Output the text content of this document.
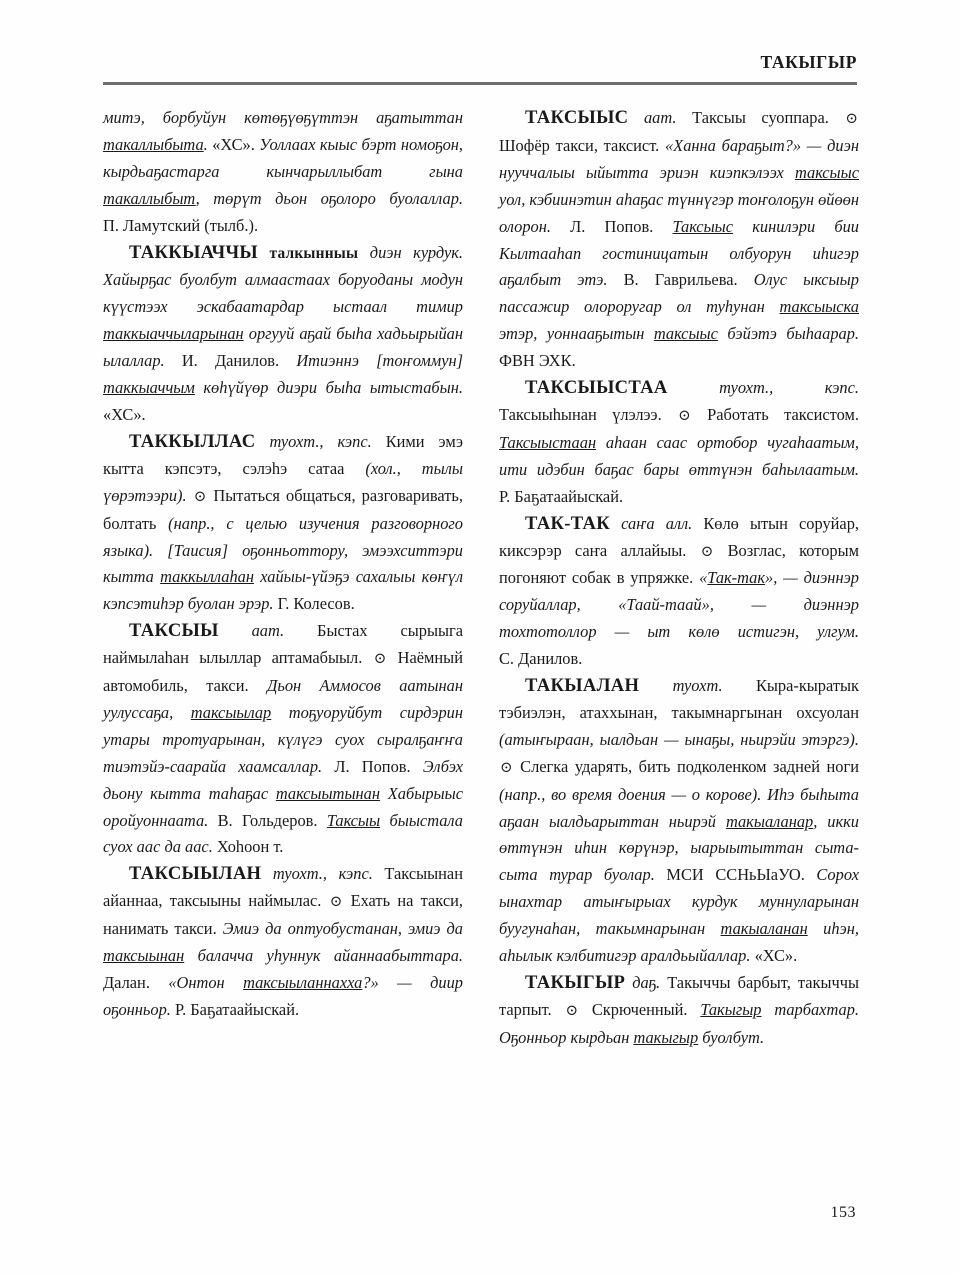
ТАКЫГЫР

митэ, борбуйун көтөҕүөҕүттэн аҕатыттан такаллыбыта. «ХС». Уоллаах кыыс бэрт номоҕон, кырдьаҕастарга кынчарыллыбат гына такаллыбыт, төрүт дьон оҕолоро буолаллар. П. Ламутский (тылб.).

ТАККЫАЧЧЫ талкынныы диэн курдук. Хайырҕас буолбут алмаастаах боруоданы модун күүстээх эскабаатардар ыстаал тимир таккыаччыларынан оргууй аҕай быһа хадьырыйан ылаллар. И. Данилов. Итиэннэ [тоҥоммун] таккыаччым көһүйүөр диэри быһа ытыстабын. «ХС».

ТАККЫЛЛАС туохт., кэпс. Кими эмэ кытта кэпсэтэ, сэлэһэ сатаа (хол., тылы үөрэтээри). ⊙ Пытаться общаться, разговаривать, болтать (напр., с целью изучения разговорного языка). [Таисия] оҕонньоттору, эмээхситтэри кытта таккыллаһан хайыы-үйэҕэ сахалыы көҥүл кэпсэтиһэр буолан эрэр. Г. Колесов.

ТАКСЫЫ аат. Быстах сырыыга наймылаһан ылыллар аптамабыыл. ⊙ Наёмный автомобиль, такси. Дьон Аммосов аатынан уулуссаҕа, таксыылар тоҕуоруйбут сирдэрин утары тротуарынан, күлүгэ суох сыралҕаҥҥа тиэтэйэ-саарайа хаамсаллар. Л. Попов. Элбэх дьону кытта таһаҕас таксыытынан Хабырыыс оройуоннаата. В. Гольдеров. Таксыы быыстала суох аас да аас. Хоһоон т.

ТАКСЫЫЛАН туохт., кэпс. Таксыынан айаннаа, таксыыны наймылас. ⊙ Ехать на такси, нанимать такси. Эмиэ да оптуобустанан, эмиэ да таксыынан балачча уһуннук айаннаабыттара. Далан. «Онтон таксыыланнахха?» — диир оҕонньор. Р. Баҕатаайыскай.

ТАКСЫЫС аат. Таксыы суоппара. ⊙ Шофёр такси, таксист. «Ханна бараҕыт?» — диэн нууччалыы ыйытта эриэн киэпкэлээх таксыыс уол, кэбиинэтин аһаҕас түннүгэр тоҥолоҕун өйөөн олорон. Л. Попов. Таксыыс кинилэри бии Кылтааһап гостиницатын олбуорун иһигэр аҕалбыт этэ. В. Гаврильева. Олус ыксыыр пассажир олороругар ол туһунан таксыыска этэр, уоннааҕытын таксыыс бэйэтэ быһаарар. ФВН ЭХК.

ТАКСЫЫСТАА	туохт., кэпс. Таксыыһынан үлэлээ. ⊙ Работать таксистом. Таксыыстаан аһаан саас ортобор чугаһаатым, ити идэбин баҕас бары өттүнэн баһылаатым. Р. Баҕатаайыскай.

ТАК-ТАК саҥа алл. Көлө ытын соруйар, киксэрэр саҥа аллайыы. ⊙ Возглас, которым погоняют собак в упряжке. «Так-так», — диэннэр соруйаллар, «Таай-таай», — диэннэр тохтотоллор — ыт көлө истигэн, улгум. С. Данилов.

ТАКЫАЛАН туохт. Кыра-кыратык тэбиэлэн, атаххынан, такымнаргынан охсуолан (атыҥыраан, ыалдьан — ынаҕы, ньирэйи этэргэ). ⊙ Слегка ударять, бить подколенком задней ноги (напр., во время доения — о корове). Иһэ быһыта аҕаан ыалдьарыттан ньирэй такыаланар, икки өттүнэн иһин көрүнэр, ыарыытыттан сыта-сыта турар буолар. МСИ ССНьЫаУО. Сорох ынахтар атыҥырыах курдук муннуларынан буугунаһан, такымнарынан такыаланан иһэн, аһылык кэлбитигэр аралдьыйаллар. «ХС».

ТАКЫГЫР даҕ. Такыччы барбыт, такыччы тарпыт. ⊙ Скрюченный. Такыгыр тарбахтар. Оҕонньор кырдьан такыгыр буолбут.

153
